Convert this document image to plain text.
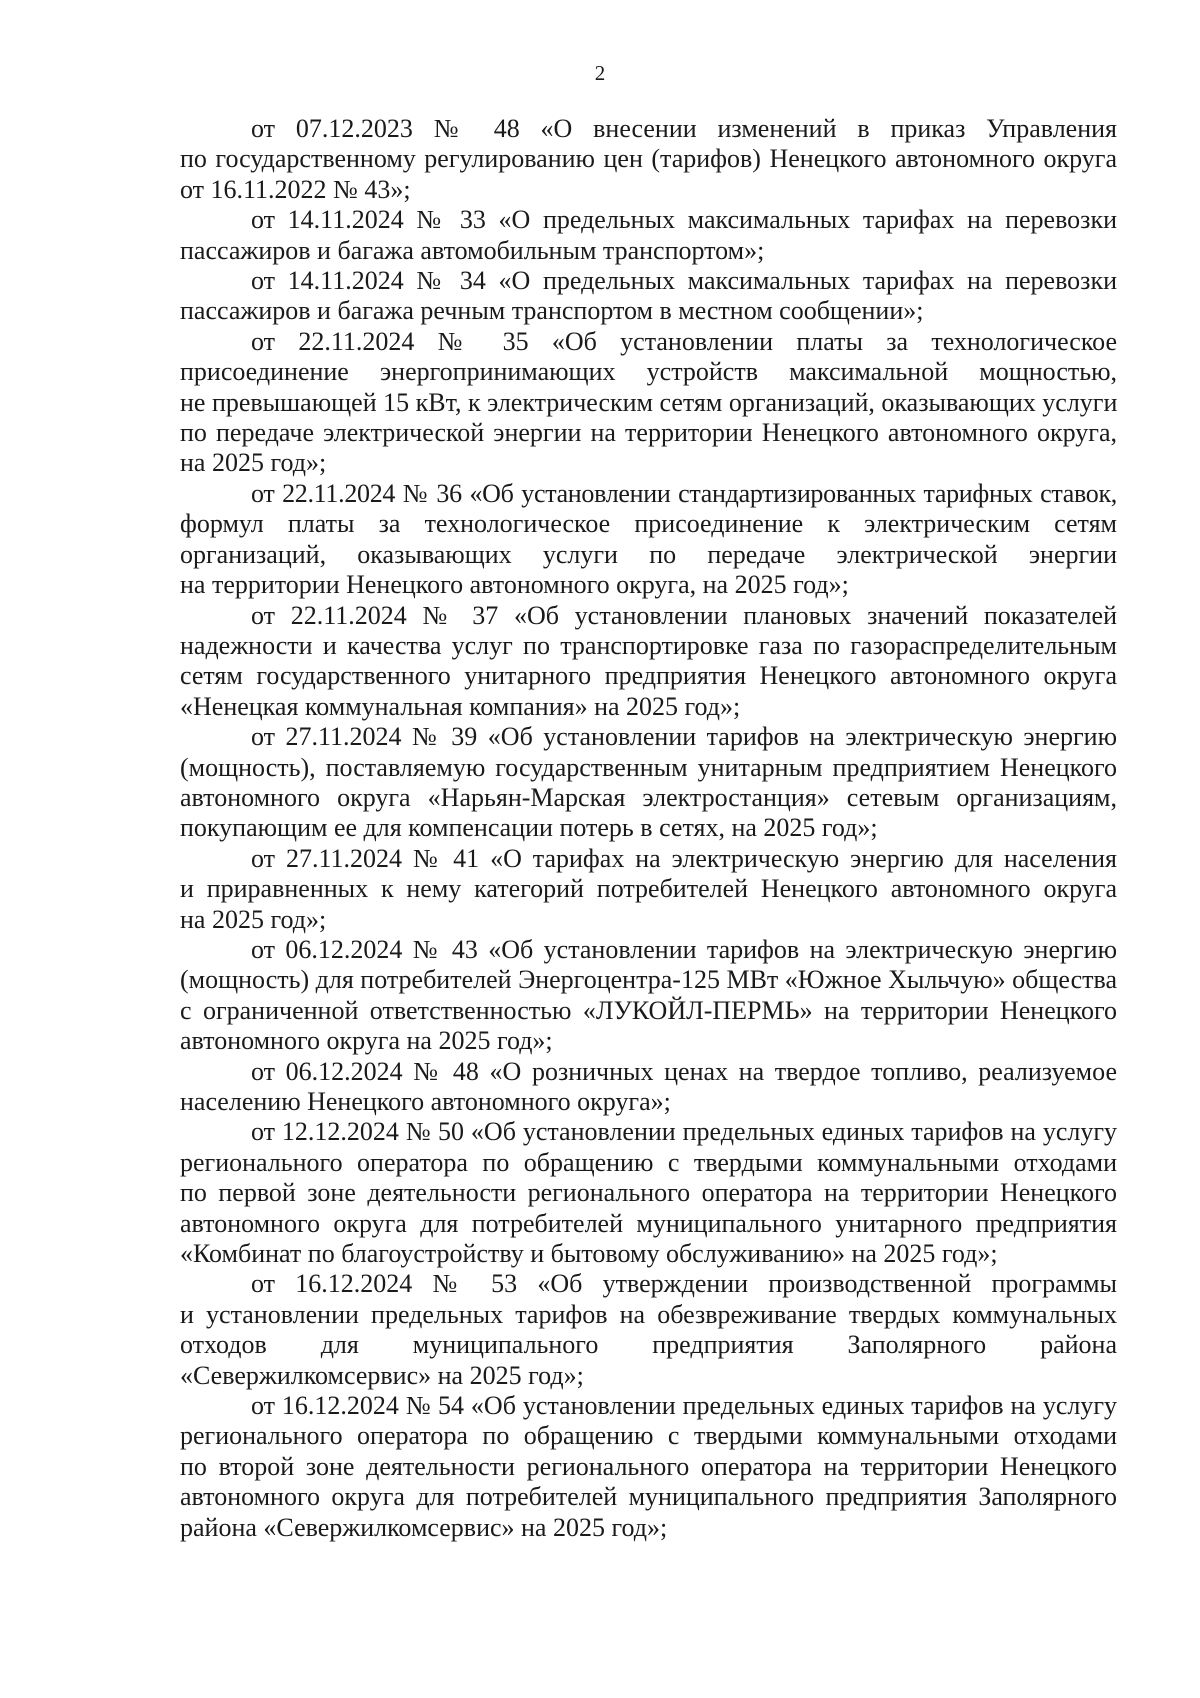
2
от 07.12.2023 № 48 «О внесении изменений в приказ Управления
по государственному регулированию цен (тарифов) Ненецкого автономного округа
от 16.11.2022 № 43»;
от 14.11.2024 № 33 «О предельных максимальных тарифах на перевозки
пассажиров и багажа автомобильным транспортом»;
от 14.11.2024 № 34 «О предельных максимальных тарифах на перевозки
пассажиров и багажа речным транспортом в местном сообщении»;
от 22.11.2024 № 35 «Об установлении платы за технологическое
присоединение энергопринимающих устройств максимальной мощностью,
не превышающей 15 кВт, к электрическим сетям организаций, оказывающих услуги
по передаче электрической энергии на территории Ненецкого автономного округа,
на 2025 год»;
от 22.11.2024 № 36 «Об установлении стандартизированных тарифных ставок,
формул платы за технологическое присоединение к электрическим сетям
организаций, оказывающих услуги по передаче электрической энергии
на территории Ненецкого автономного округа, на 2025 год»;
от 22.11.2024 № 37 «Об установлении плановых значений показателей
надежности и качества услуг по транспортировке газа по газораспределительным
сетям государственного унитарного предприятия Ненецкого автономного округа
«Ненецкая коммунальная компания» на 2025 год»;
от 27.11.2024 № 39 «Об установлении тарифов на электрическую энергию
(мощность), поставляемую государственным унитарным предприятием Ненецкого
автономного округа «Нарьян-Марская электростанция» сетевым организациям,
покупающим ее для компенсации потерь в сетях, на 2025 год»;
от 27.11.2024 № 41 «О тарифах на электрическую энергию для населения
и приравненных к нему категорий потребителей Ненецкого автономного округа
на 2025 год»;
от 06.12.2024 № 43 «Об установлении тарифов на электрическую энергию
(мощность) для потребителей Энергоцентра-125 МВт «Южное Хыльчую» общества
с ограниченной ответственностью «ЛУКОЙЛ-ПЕРМЬ» на территории Ненецкого
автономного округа на 2025 год»;
от 06.12.2024 № 48 «О розничных ценах на твердое топливо, реализуемое
населению Ненецкого автономного округа»;
от 12.12.2024 № 50 «Об установлении предельных единых тарифов на услугу
регионального оператора по обращению с твердыми коммунальными отходами
по первой зоне деятельности регионального оператора на территории Ненецкого
автономного округа для потребителей муниципального унитарного предприятия
«Комбинат по благоустройству и бытовому обслуживанию» на 2025 год»;
от 16.12.2024 № 53 «Об утверждении производственной программы
и установлении предельных тарифов на обезвреживание твердых коммунальных
отходов для муниципального предприятия Заполярного района
«Севержилкомсервис» на 2025 год»;
от 16.12.2024 № 54 «Об установлении предельных единых тарифов на услугу
регионального оператора по обращению с твердыми коммунальными отходами
по второй зоне деятельности регионального оператора на территории Ненецкого
автономного округа для потребителей муниципального предприятия Заполярного
района «Севержилкомсервис» на 2025 год»;
